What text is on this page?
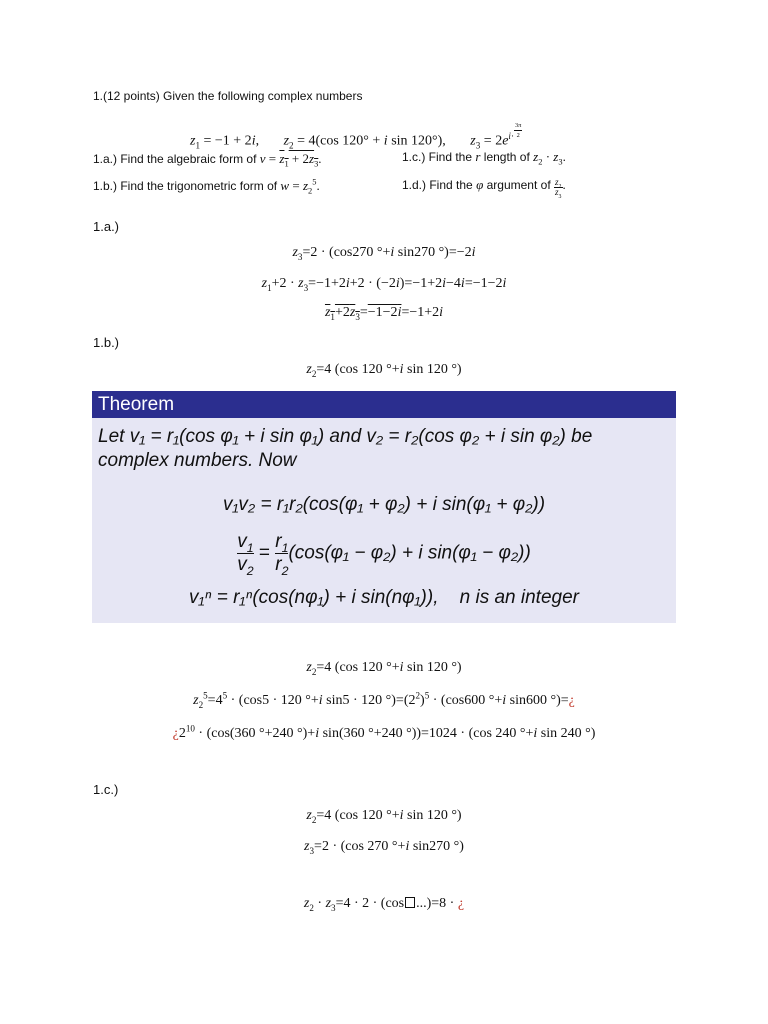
1.(12 points) Given the following complex numbers
$z_1 = -1 + 2i$,       $z_2 = 4(\cos$ 120° + i sin 120°),       $z_3 = 2e^{i\cdot \frac{3\pi}{2}}$
1.a.) Find the algebraic form of $v = z_1 + 2z_3$.	1.c.) Find the r length of $z_2 \cdot z_3$.
1.b.) Find the trigonometric form of $w = z_2^5$.	1.d.) Find the φ argument of $\frac{z_2}{z_3}$ .
1.a.)
$z_3=2 \cdot (\cos 270$ °+i sin270 °)=−2i
$z_1+2 \cdot z_3=-1+2i+2 \cdot (-2i)=-1+2i-4i=-1-2i$
$z_1+2z_3=-1-2i=-1+2i$
1.b.)
$z_2=4$ (cos 120 °+i sin 120 °)
Theorem
Let v₁ = r₁(cos φ₁ + i sin φ₁) and v₂ = r₂(cos φ₂ + i sin φ₂) be
complex numbers. Now
v₁v₂ = r₁r₂(cos(φ₁ + φ₂) + i sin(φ₁ + φ₂))
$\frac{v_1}{v_2} = \frac{r_1}{r_2} (\cos(\varphi_1 - \varphi_2) + i$ sin(φ₁ − φ₂))
v₁ⁿ = r₁ⁿ(cos(nφ₁) + i sin(nφ₁)), n is an integer
$z_2=4$ (cos 120 °+i sin 120 °)
$z_2^5=4^5 \cdot (\cos 5 \cdot 120$ °+i sin5 · 120 $^\circ)=(2^2)^5 \cdot (\cos 600$ °+i sin600 °)=¿
¿$2^{10} \cdot (\cos(360$ °+240 °)+i sin(360 °+240 °))=1024 · (cos 240 °+i sin 240 °)
1.c.)
$z_2=4$ (cos 120 °+i sin 120 °)
$z_3=2 \cdot (\cos$ 270 °+i sin270 °)
$z_2 \cdot z_3=4 \cdot 2 \cdot (\cos$ ...)=8 · ¿
